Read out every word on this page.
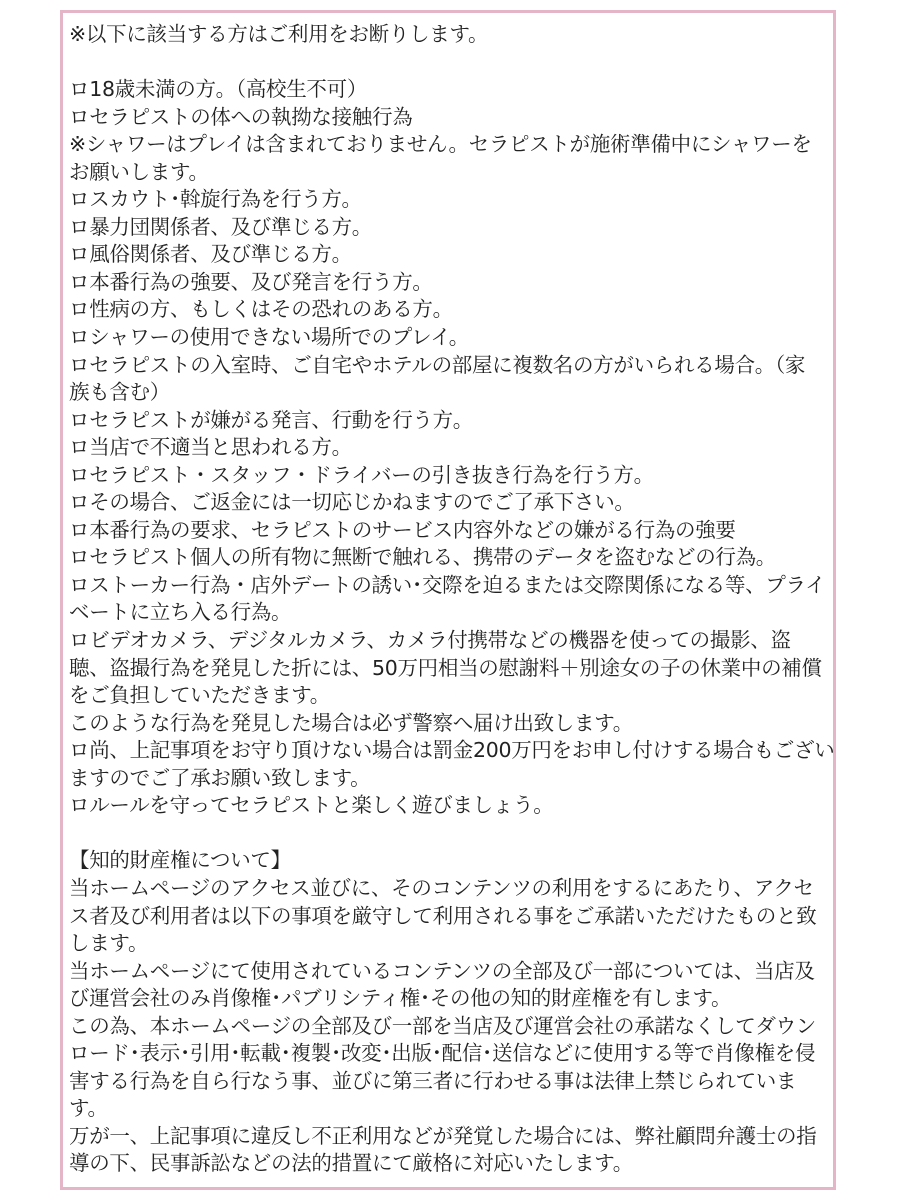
※以下に該当する方はご利用をお断りします。
ロ18歳未満の方。（高校生不可）
ロセラピストの体への執拗な接触行為
※シャワーはプレイは含まれておりません。セラピストが施術準備中にシャワーを
お願いします。
ロスカウト･斡旋行為を行う方。
ロ暴力団関係者、及び準じる方。
ロ風俗関係者、及び準じる方。
ロ本番行為の強要、及び発言を行う方。
ロ性病の方、もしくはその恐れのある方。
ロシャワーの使用できない場所でのプレイ。
ロセラピストの入室時、ご自宅やホテルの部屋に複数名の方がいられる場合。（家
族も含む）
ロセラピストが嫌がる発言、行動を行う方。
ロ当店で不適当と思われる方。
ロセラピスト・スタッフ・ドライバーの引き抜き行為を行う方。
ロその場合、ご返金には一切応じかねますのでご了承下さい。
ロ本番行為の要求、セラピストのサービス内容外などの嫌がる行為の強要
ロセラピスト個人の所有物に無断で触れる、携帯のデータを盗むなどの行為。
ロストーカー行為・店外デートの誘い･交際を迫るまたは交際関係になる等、プライ
ベートに立ち入る行為。
ロビデオカメラ、デジタルカメラ、カメラ付携帯などの機器を使っての撮影、盗
聴、盗撮行為を発見した折には、50万円相当の慰謝料＋別途女の子の休業中の補償
をご負担していただきます。
このような行為を発見した場合は必ず警察へ届け出致します。
ロ尚、上記事項をお守り頂けない場合は罰金200万円をお申し付けする場合もござい
ますのでご了承お願い致します。
ロルールを守ってセラピストと楽しく遊びましょう。
【知的財産権について】
当ホームページのアクセス並びに、そのコンテンツの利用をするにあたり、アクセ
ス者及び利用者は以下の事項を厳守して利用される事をご承諾いただけたものと致
します。
当ホームページにて使用されているコンテンツの全部及び一部については、当店及
び運営会社のみ肖像権･パブリシティ権･その他の知的財産権を有します。
この為、本ホームページの全部及び一部を当店及び運営会社の承諾なくしてダウン
ロード･表示･引用･転載･複製･改変･出版･配信･送信などに使用する等で肖像権を侵
害する行為を自ら行なう事、並びに第三者に行わせる事は法律上禁じられていま
す。
万が一、上記事項に違反し不正利用などが発覚した場合には、弊社顧問弁護士の指
導の下、民事訴訟などの法的措置にて厳格に対応いたします。
